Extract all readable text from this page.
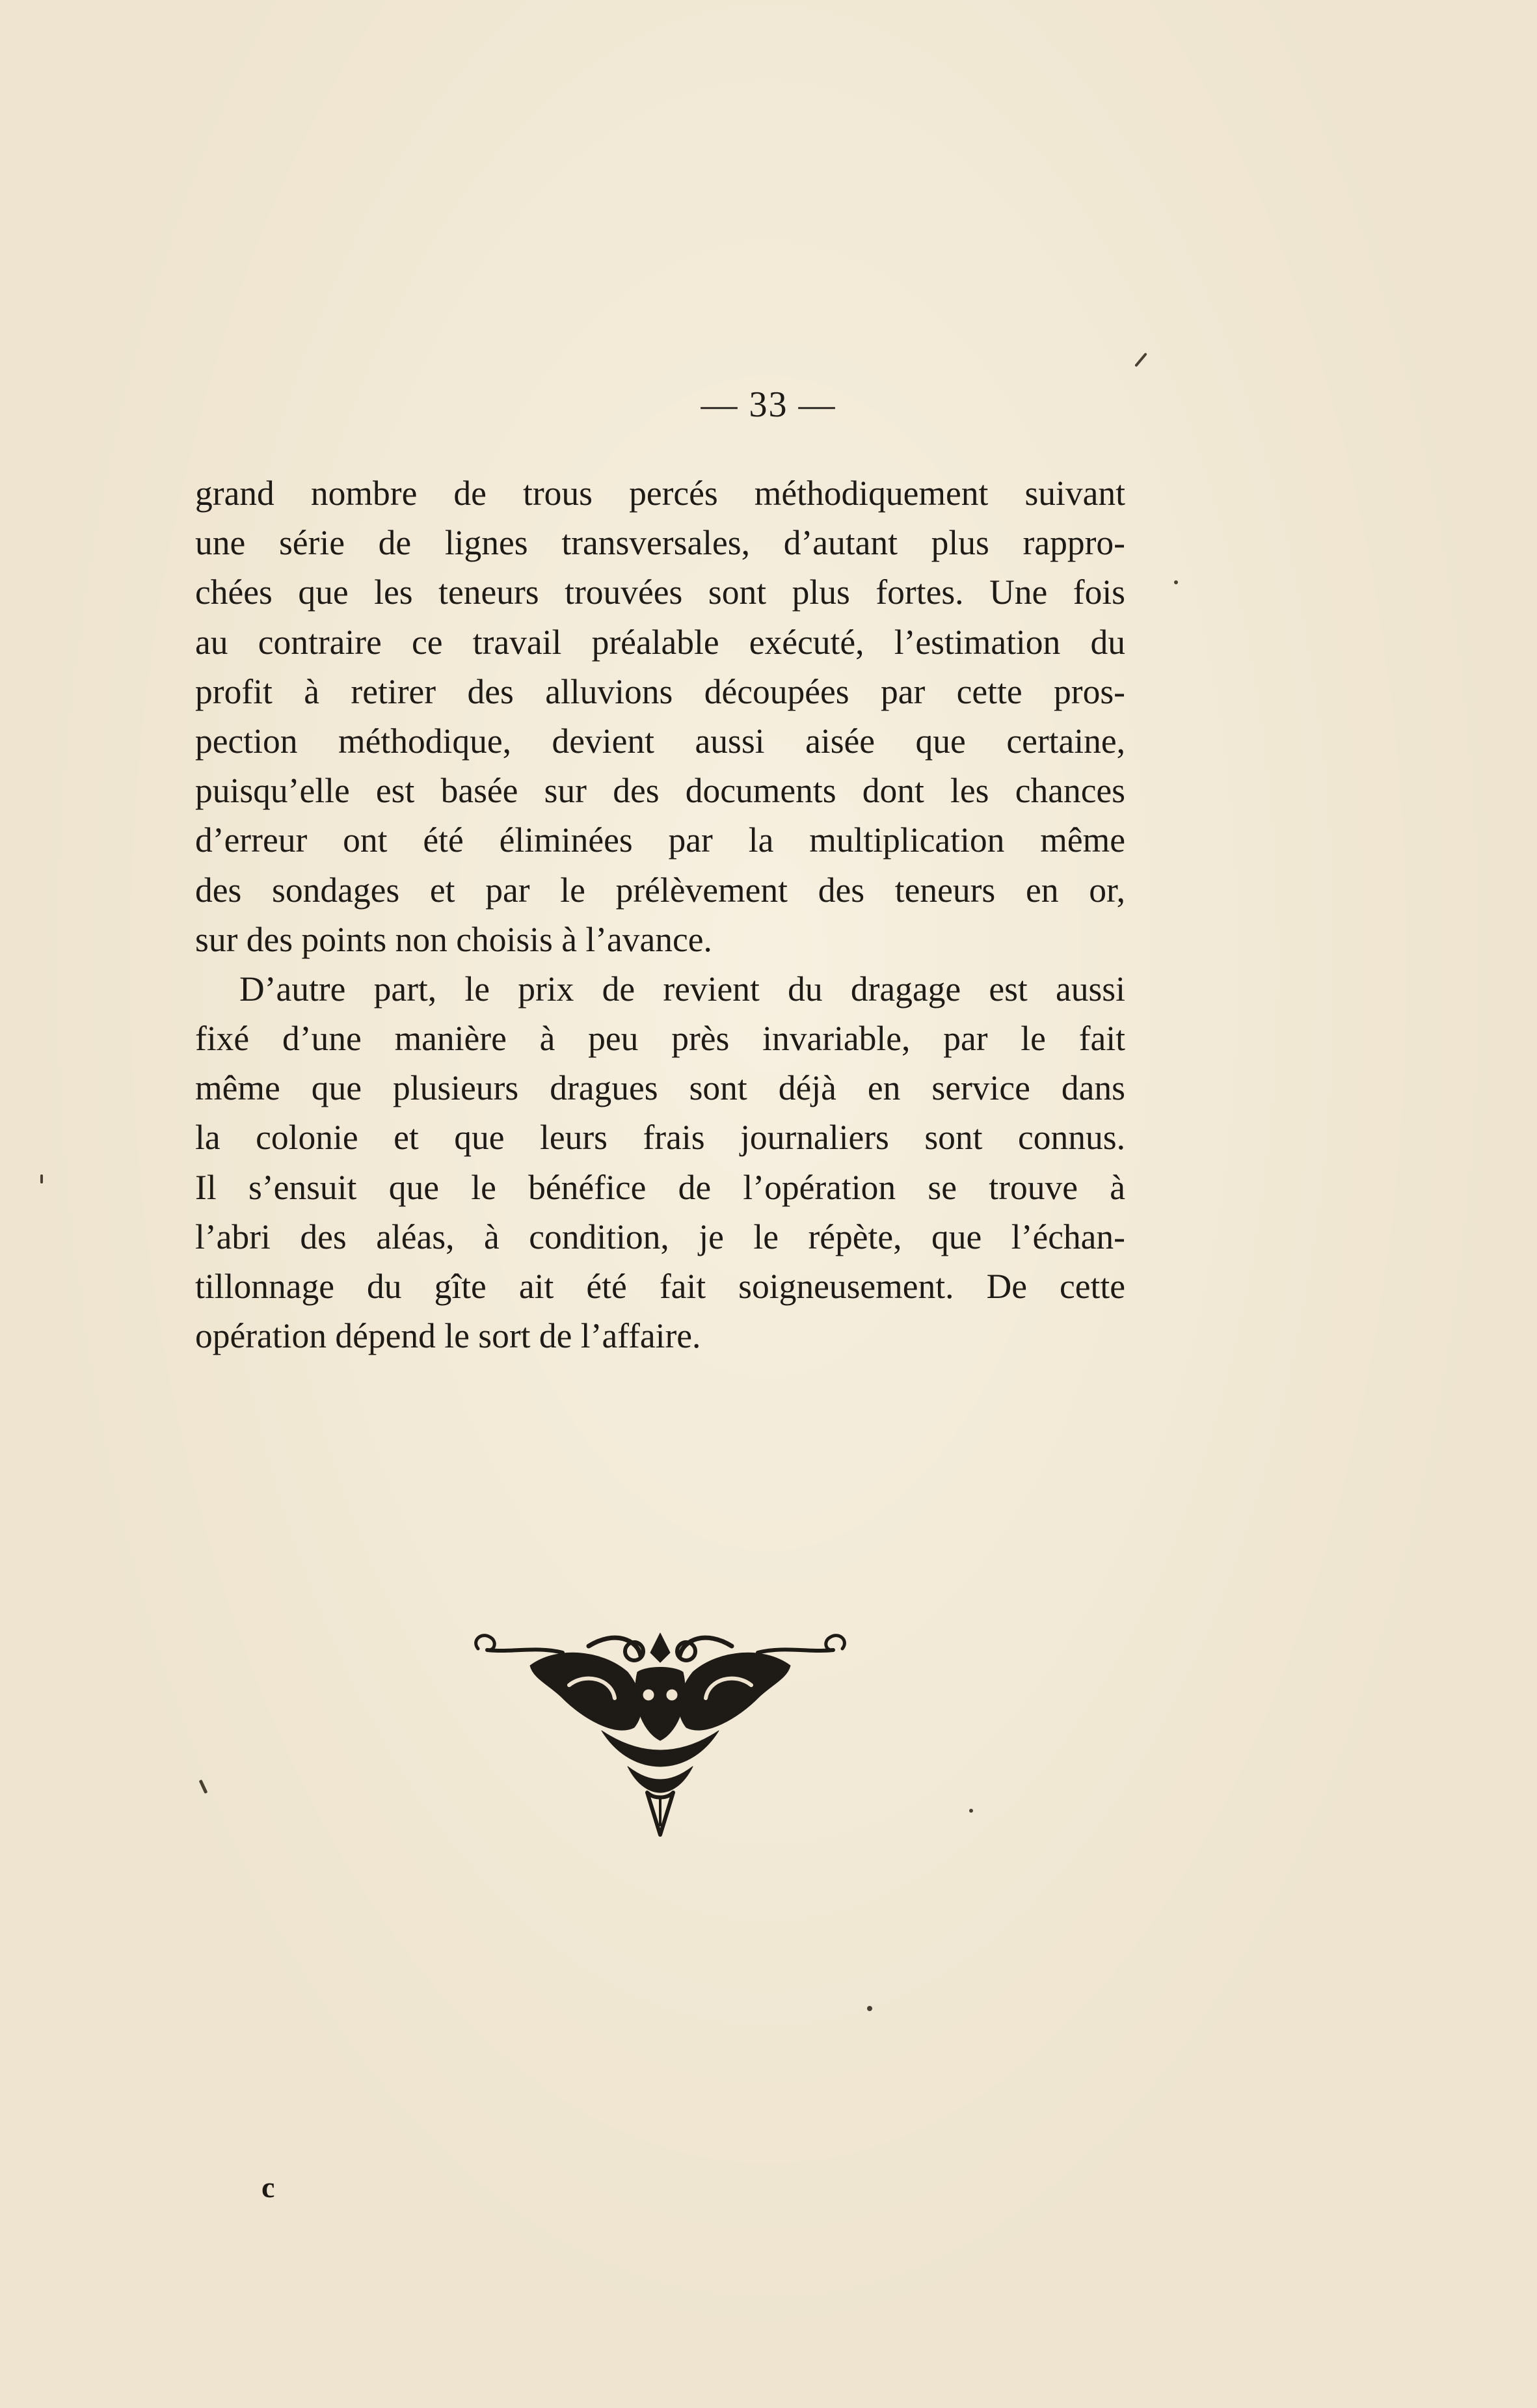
— 33 —
grand nombre de trous percés méthodiquement suivant
une série de lignes transversales, d’autant plus rappro-
chées que les teneurs trouvées sont plus fortes. Une fois
au contraire ce travail préalable exécuté, l’estimation du
profit à retirer des alluvions découpées par cette pros-
pection méthodique, devient aussi aisée que certaine,
puisqu’elle est basée sur des documents dont les chances
d’erreur ont été éliminées par la multiplication même
des sondages et par le prélèvement des teneurs en or,
sur des points non choisis à l’avance.
D’autre part, le prix de revient du dragage est aussi
fixé d’une manière à peu près invariable, par le fait
même que plusieurs dragues sont déjà en service dans
la colonie et que leurs frais journaliers sont connus.
Il s’ensuit que le bénéfice de l’opération se trouve à
l’abri des aléas, à condition, je le répète, que l’échan-
tillonnage du gîte ait été fait soigneusement. De cette
opération dépend le sort de l’affaire.
c
